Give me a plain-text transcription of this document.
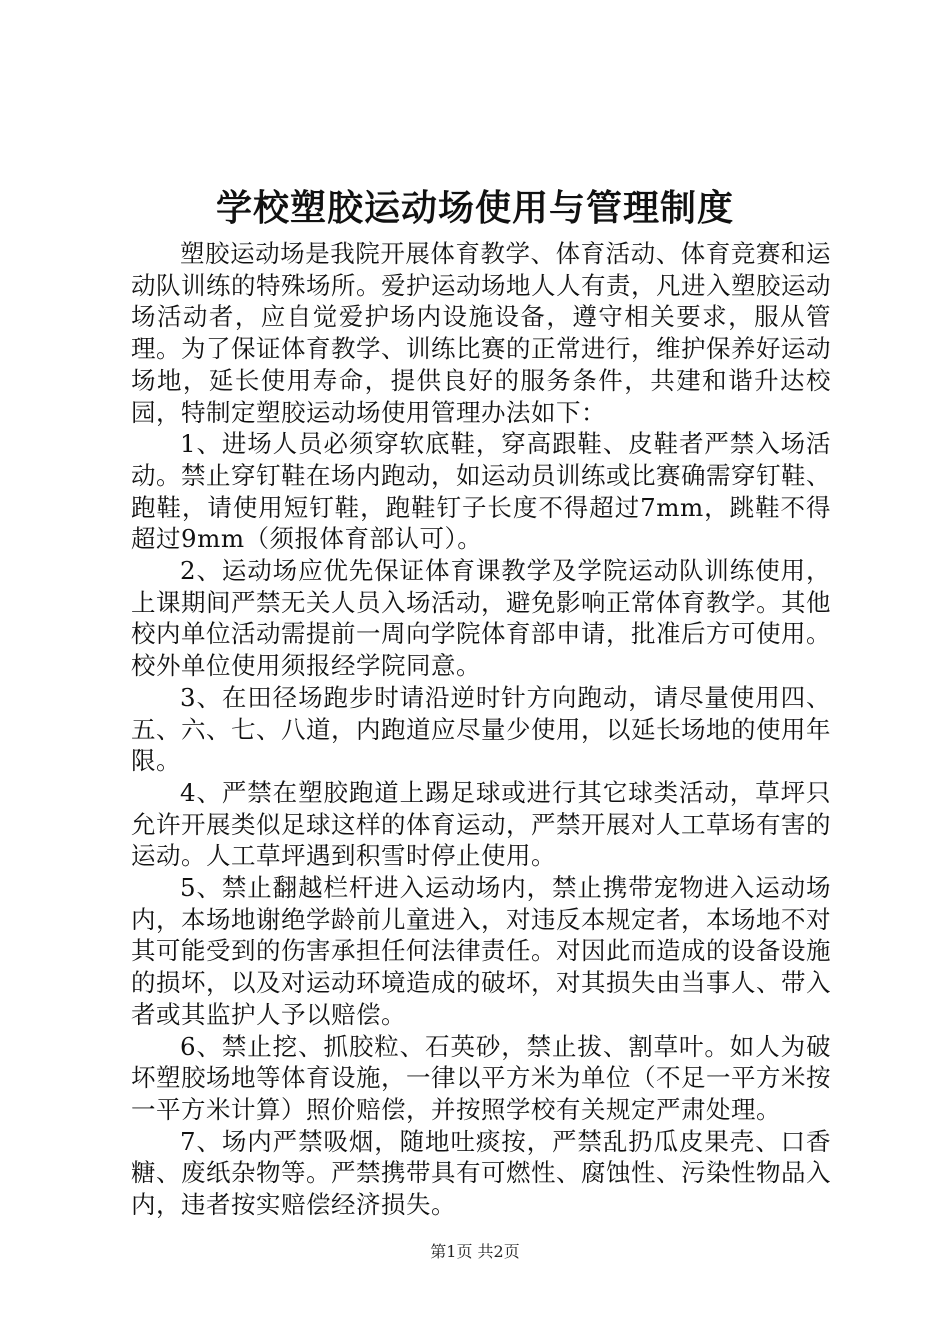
学校塑胶运动场使用与管理制度

塑胶运动场是我院开展体育教学、体育活动、体育竞赛和运动队训练的特殊场所。爱护运动场地人人有责，凡进入塑胶运动场活动者，应自觉爱护场内设施设备，遵守相关要求，服从管理。为了保证体育教学、训练比赛的正常进行，维护保养好运动场地，延长使用寿命，提供良好的服务条件，共建和谐升达校园，特制定塑胶运动场使用管理办法如下：

1、进场人员必须穿软底鞋，穿高跟鞋、皮鞋者严禁入场活动。禁止穿钉鞋在场内跑动，如运动员训练或比赛确需穿钉鞋、跑鞋，请使用短钉鞋，跑鞋钉子长度不得超过7mm，跳鞋不得超过9mm（须报体育部认可）。

2、运动场应优先保证体育课教学及学院运动队训练使用，上课期间严禁无关人员入场活动，避免影响正常体育教学。其他校内单位活动需提前一周向学院体育部申请，批准后方可使用。校外单位使用须报经学院同意。

3、在田径场跑步时请沿逆时针方向跑动，请尽量使用四、五、六、七、八道，内跑道应尽量少使用，以延长场地的使用年限。

4、严禁在塑胶跑道上踢足球或进行其它球类活动，草坪只允许开展类似足球这样的体育运动，严禁开展对人工草场有害的运动。人工草坪遇到积雪时停止使用。

5、禁止翻越栏杆进入运动场内，禁止携带宠物进入运动场内，本场地谢绝学龄前儿童进入，对违反本规定者，本场地不对其可能受到的伤害承担任何法律责任。对因此而造成的设备设施的损坏，以及对运动环境造成的破坏，对其损失由当事人、带入者或其监护人予以赔偿。

6、禁止挖、抓胶粒、石英砂，禁止拔、割草叶。如人为破坏塑胶场地等体育设施，一律以平方米为单位（不足一平方米按一平方米计算）照价赔偿，并按照学校有关规定严肃处理。

7、场内严禁吸烟，随地吐痰按，严禁乱扔瓜皮果壳、口香糖、废纸杂物等。严禁携带具有可燃性、腐蚀性、污染性物品入内，违者按实赔偿经济损失。

第1页 共2页
